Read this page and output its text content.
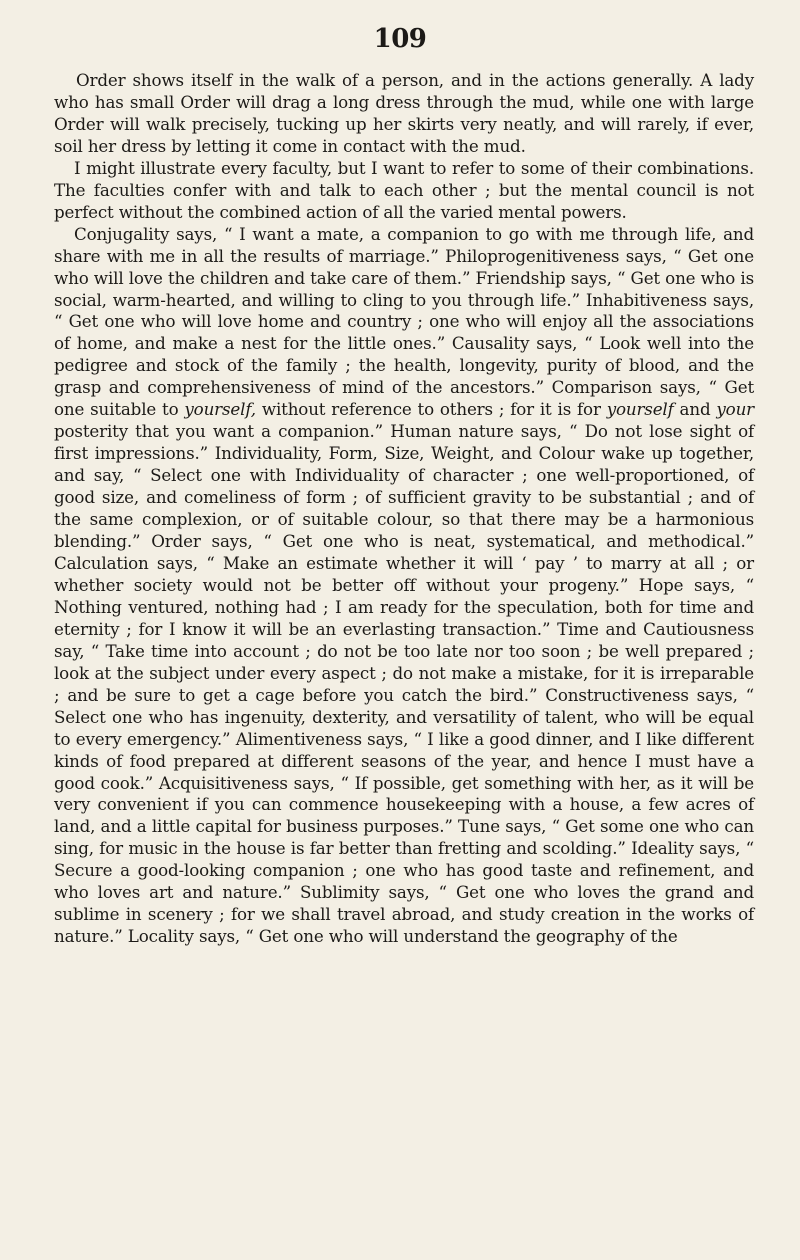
109

Order shows itself in the walk of a person, and in the actions generally. A lady who has small Order will drag a long dress through the mud, while one with large Order will walk precisely, tucking up her skirts very neatly, and will rarely, if ever, soil her dress by letting it come in contact with the mud.

I might illustrate every faculty, but I want to refer to some of their combinations. The faculties confer with and talk to each other ; but the mental council is not perfect without the combined action of all the varied mental powers.

Conjugality says, “ I want a mate, a companion to go with me through life, and share with me in all the results of marriage.” Philoprogenitiveness says, “ Get one who will love the children and take care of them.” Friendship says, “ Get one who is social, warm-hearted, and willing to cling to you through life.” Inhabitiveness says, “ Get one who will love home and country ; one who will enjoy all the associations of home, and make a nest for the little ones.” Causality says, “ Look well into the pedigree and stock of the family ; the health, longevity, purity of blood, and the grasp and comprehensiveness of mind of the ancestors.” Comparison says, “ Get one suitable to yourself, without reference to others ; for it is for yourself and your posterity that you want a companion.” Human nature says, “ Do not lose sight of first impressions.” Individuality, Form, Size, Weight, and Colour wake up together, and say, “ Select one with Individuality of character ; one well-proportioned, of good size, and comeliness of form ; of sufficient gravity to be substantial ; and of the same complexion, or of suitable colour, so that there may be a harmonious blending.” Order says, “ Get one who is neat, systematical, and methodical.” Calculation says, “ Make an estimate whether it will ‘ pay ’ to marry at all ; or whether society would not be better off without your progeny.” Hope says, “ Nothing ventured, nothing had ; I am ready for the speculation, both for time and eternity ; for I know it will be an everlasting transaction.” Time and Cautiousness say, “ Take time into account ; do not be too late nor too soon ; be well prepared ; look at the subject under every aspect ; do not make a mistake, for it is irreparable ; and be sure to get a cage before you catch the bird.” Constructiveness says, “ Select one who has ingenuity, dexterity, and versatility of talent, who will be equal to every emergency.” Alimentiveness says, “ I like a good dinner, and I like different kinds of food prepared at different seasons of the year, and hence I must have a good cook.” Acquisitiveness says, “ If possible, get something with her, as it will be very convenient if you can commence housekeeping with a house, a few acres of land, and a little capital for business purposes.” Tune says, “ Get some one who can sing, for music in the house is far better than fretting and scolding.” Ideality says, “ Secure a good-looking companion ; one who has good taste and refinement, and who loves art and nature.” Sublimity says, “ Get one who loves the grand and sublime in scenery ; for we shall travel abroad, and study creation in the works of nature.” Locality says, “ Get one who will understand the geography of the
